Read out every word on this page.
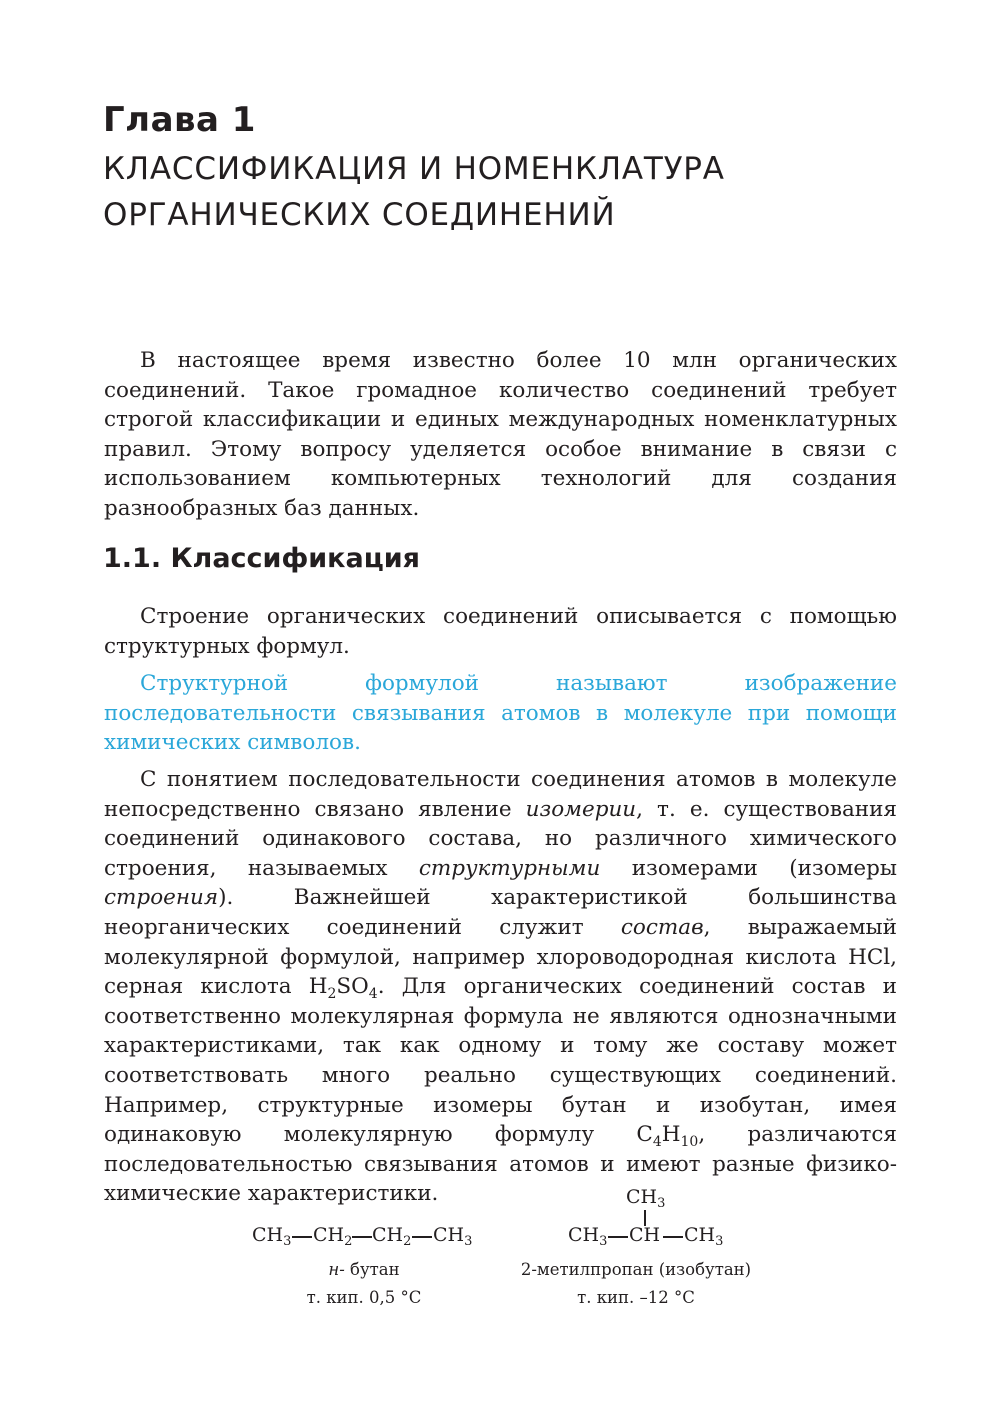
Глава 1
КЛАССИФИКАЦИЯ И НОМЕНКЛАТУРА
ОРГАНИЧЕСКИХ СОЕДИНЕНИЙ

В настоящее время известно более 10 млн органических соединений. Такое громадное количество соединений требует строгой классификации и единых международных номенклатурных правил. Этому вопросу уделяется особое внимание в связи с использованием компьютерных технологий для создания разнообразных баз данных.

1.1. Классификация

Строение органических соединений описывается с помощью структурных формул.

Структурной формулой называют изображение последовательности связывания атомов в молекуле при помощи химических символов.

С понятием последовательности соединения атомов в молекуле непосредственно связано явление изомерии, т. е. существования соединений одинакового состава, но различного химического строения, называемых структурными изомерами (изомеры строения). Важнейшей характеристикой большинства неорганических соединений служит состав, выражаемый молекулярной формулой, например хлороводородная кислота HCl, серная кислота $H_2SO_4$. Для органических соединений состав и соответственно молекулярная формула не являются однозначными характеристиками, так как одному и тому же составу может соответствовать много реально существующих соединений. Например, структурные изомеры бутан и изобутан, имея одинаковую молекулярную формулу $C_4H_{10}$, различаются последовательностью связывания атомов и имеют разные физико-химические характеристики.

$CH_3$ $CH_2$ $CH_2$ $CH_3$
н- бутан
т. кип. 0,5 °C
$CH_3$
$CH_3$ CH $CH_3$
2-метилпропан (изобутан)
т. кип. –12 °C
